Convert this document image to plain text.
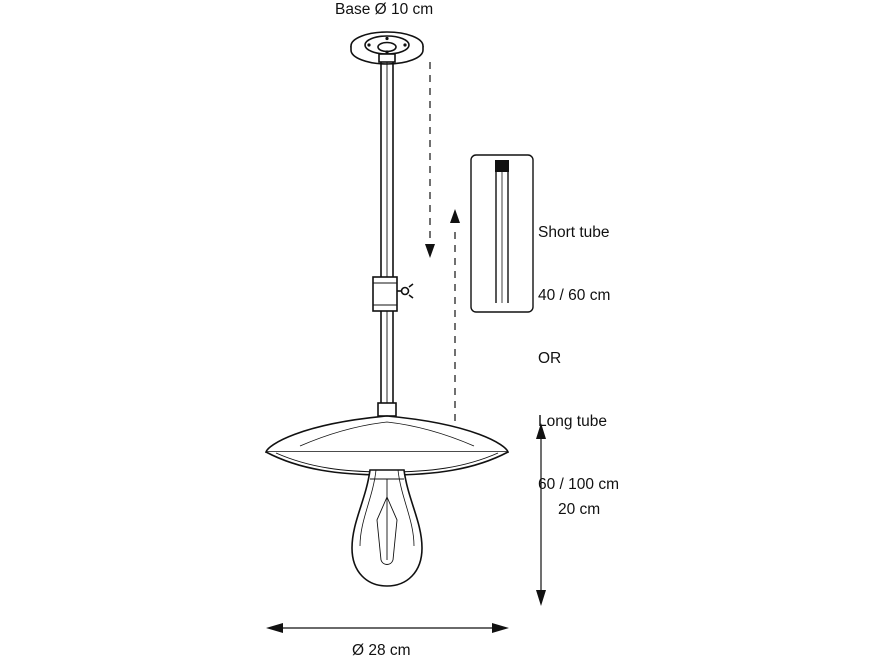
Base Ø 10 cm
20 cm
Ø 28 cm

Short tube

40 / 60 cm

OR

Long tube

60 / 100 cm
